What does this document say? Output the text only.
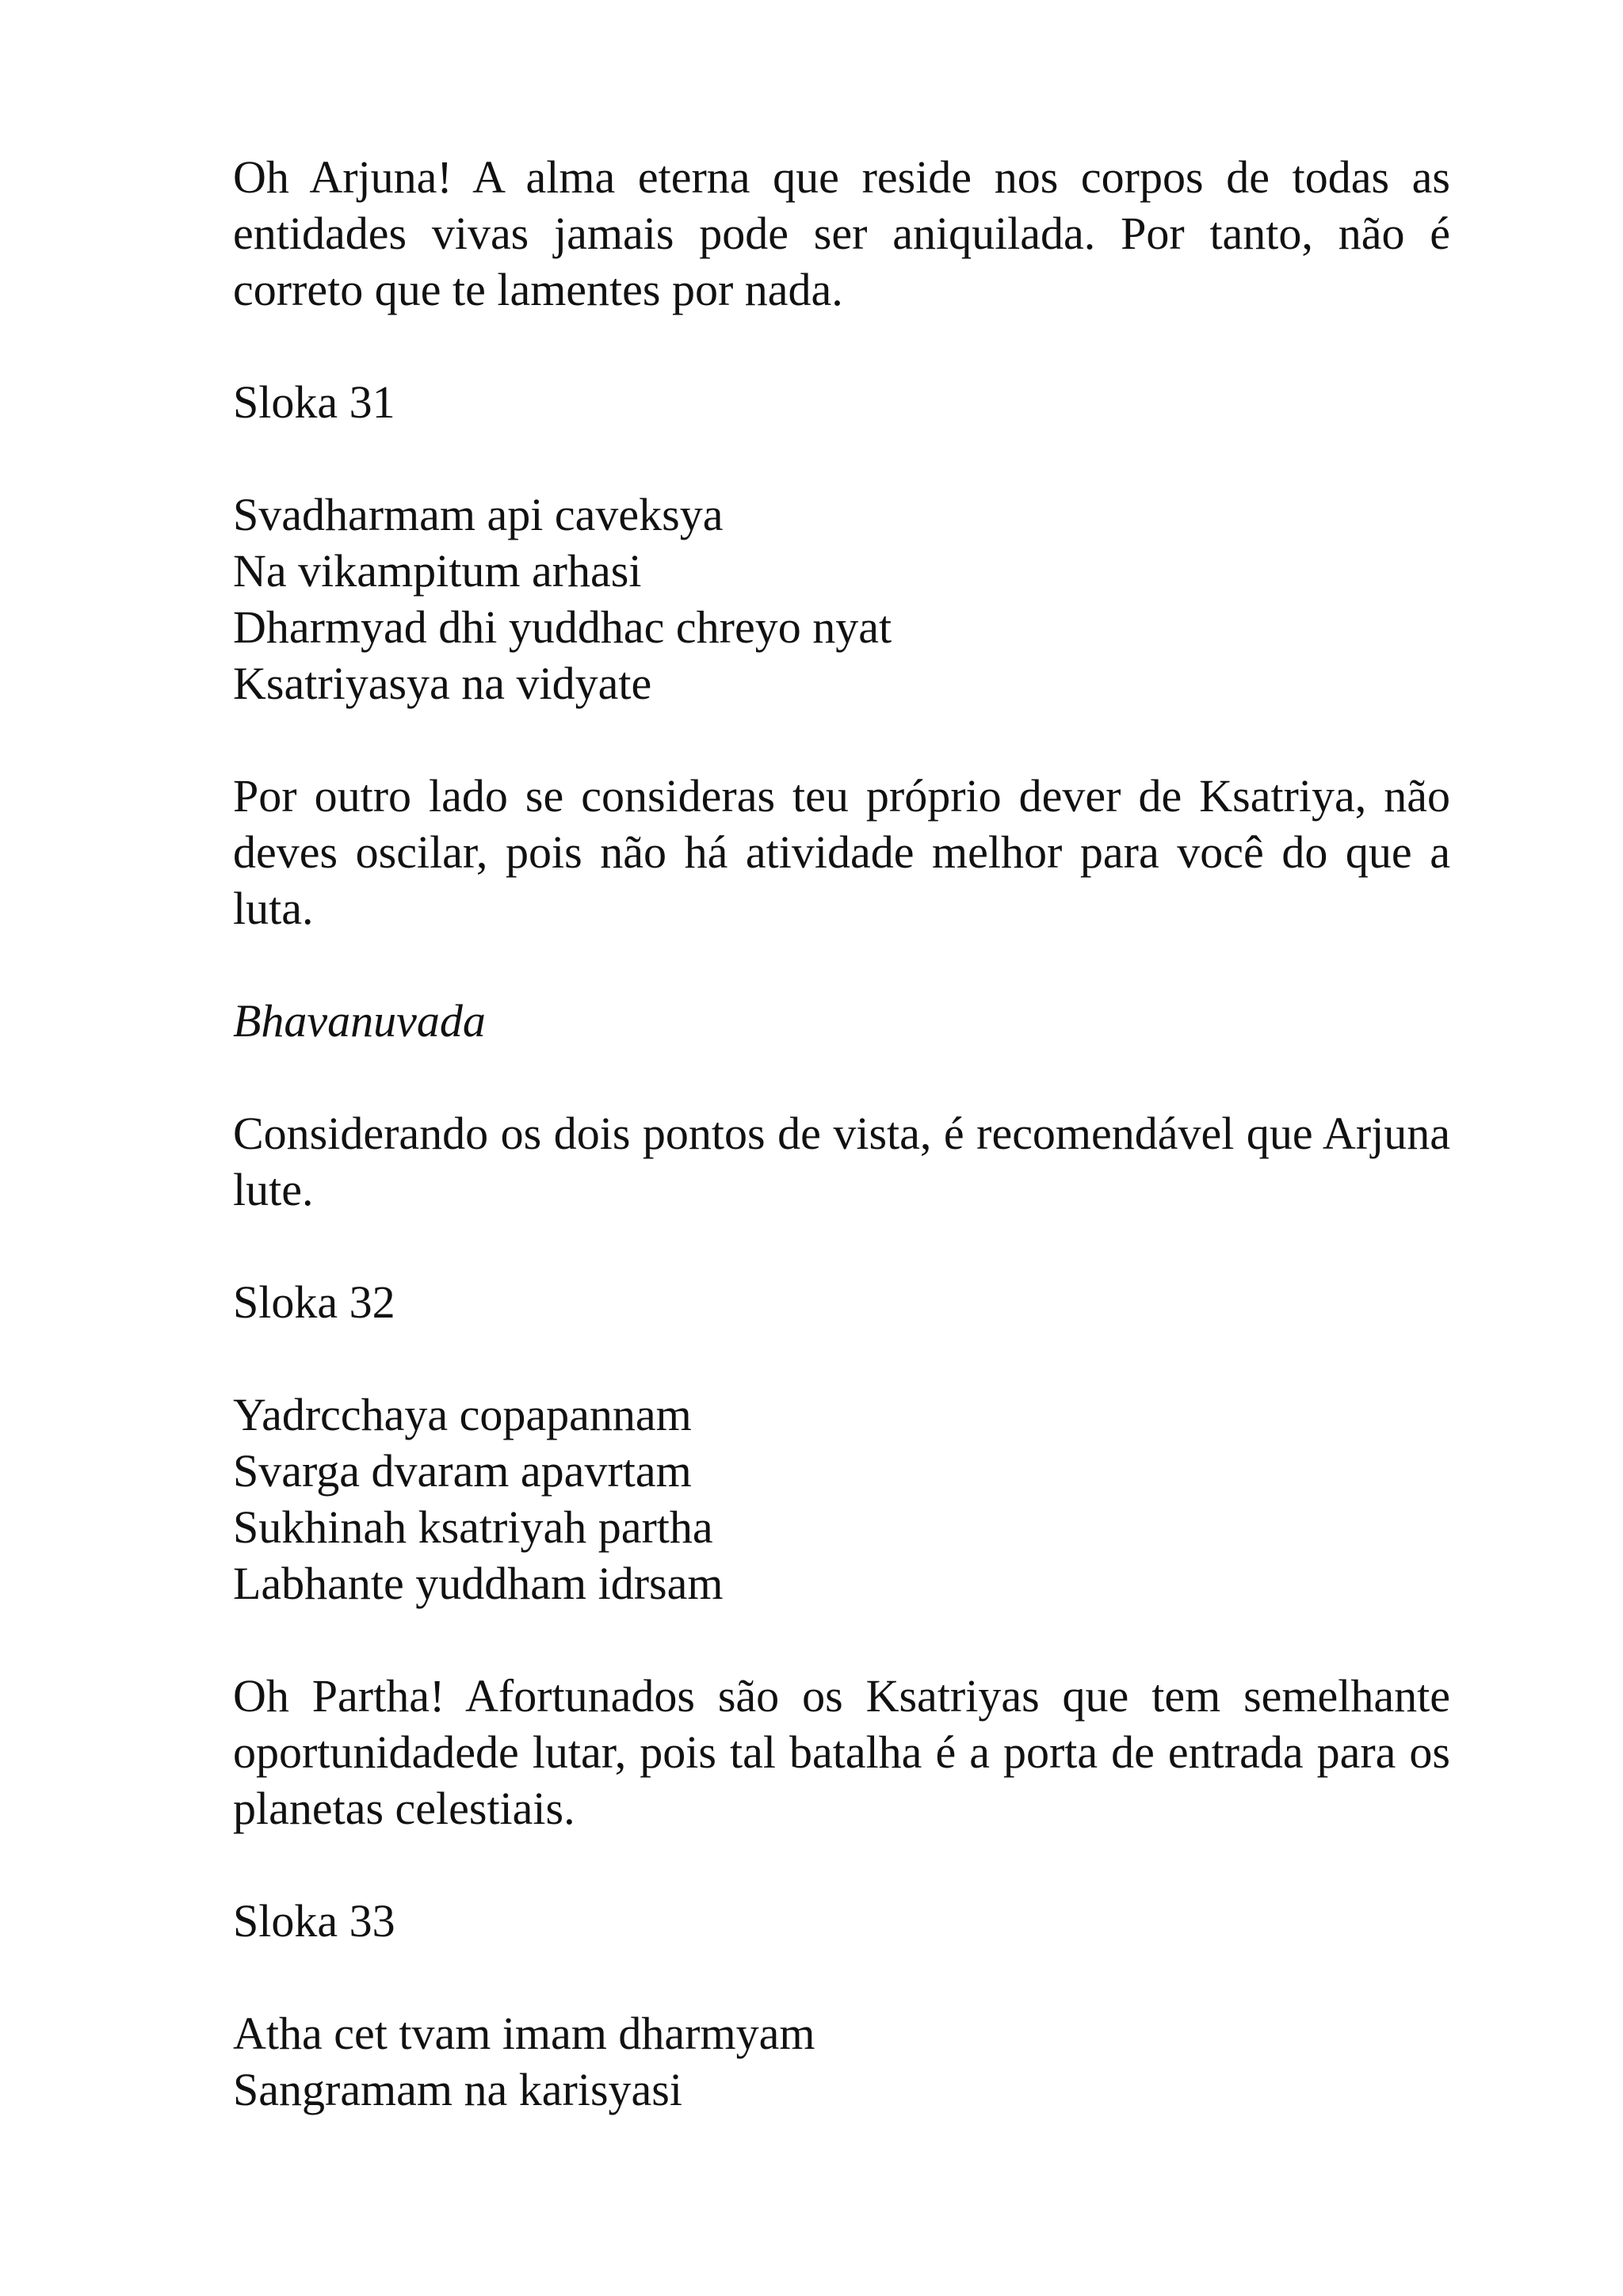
Oh Arjuna! A alma eterna que reside nos corpos de todas as entidades vivas jamais pode ser aniquilada. Por tanto, não é correto que te lamentes por nada.

Sloka 31

Svadharmam api caveksya

Na vikampitum arhasi

Dharmyad dhi yuddhac chreyo nyat

Ksatriyasya na vidyate

Por outro lado se consideras teu próprio dever de Ksatriya, não deves oscilar, pois não há atividade melhor para você do que a luta.

Bhavanuvada

Considerando os dois pontos de vista, é recomendável que Arjuna lute.

Sloka 32

Yadrcchaya copapannam

Svarga dvaram apavrtam

Sukhinah ksatriyah partha

Labhante yuddham idrsam

Oh Partha! Afortunados são os Ksatriyas que tem semelhante oportunidadede lutar, pois tal batalha é a porta de entrada para os planetas celestiais.

Sloka 33

Atha cet tvam imam dharmyam

Sangramam na karisyasi
